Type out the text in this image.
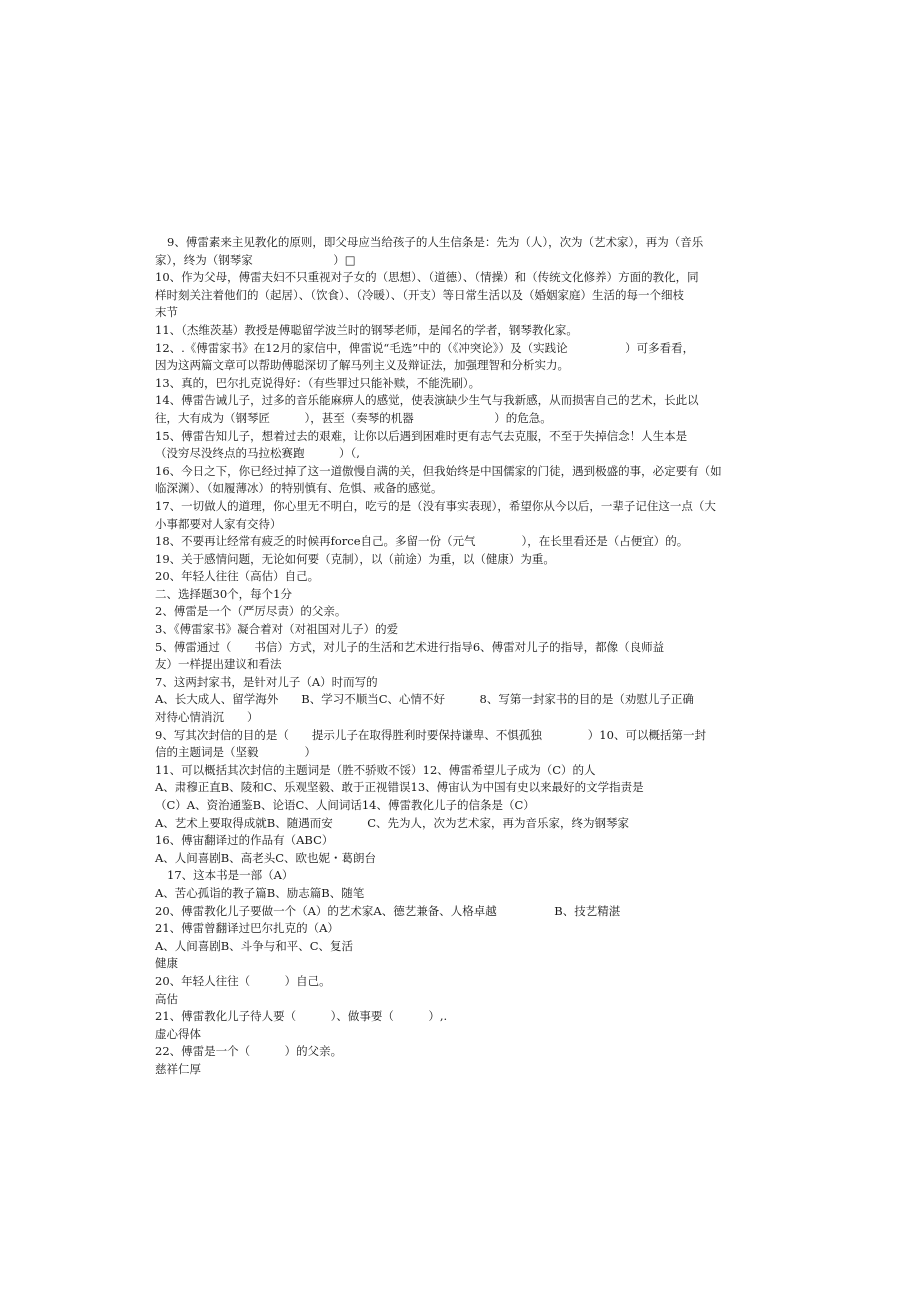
9、傅雷素来主见教化的原则，即父母应当给孩子的人生信条是：先为（人），次为（艺术家），再为（音乐

家），终为（钢琴家　　　　　　　）□

10、作为父母，傅雷夫妇不只重视对子女的（思想）、（道德）、（情操）和（传统文化修养）方面的教化，同

样时刻关注着他们的（起居）、（饮食）、（冷暖）、（开支）等日常生活以及（婚姻家庭）生活的每一个细枝

末节

11、（杰维茨基）教授是傅聪留学波兰时的钢琴老师，是闻名的学者，钢琴教化家。

12、.《傅雷家书》在12月的家信中，俾雷说“毛选”中的（《冲突论》）及（实践论　　　　　）可多看看，

因为这两篇文章可以帮助傅聪深切了解马列主义及辩证法，加强理智和分析实力。

13、真的，巴尔扎克说得好：（有些罪过只能补赎，不能洗刷）。

14、傅雷告诫儿子，过多的音乐能麻痹人的感觉，使表演缺少生气与我新感，从而损害自己的艺术，长此以

往，大有成为（钢琴匠　　　），甚至（奏琴的机器　　　　　　　）的危急。

15、傅雷告知儿子，想着过去的艰难，让你以后遇到困难时更有志气去克服，不至于失掉信念！人生本是

（没穷尽没终点的马拉松赛跑　　　）（,

16、今日之下，你已经过掉了这一道傲慢自满的关，但我始终是中国儒家的门徒，遇到极盛的事，必定要有（如

临深渊）、（如履薄冰）的特别慎有、危惧、戒备的感觉。

17、一切做人的道理，你心里无不明白，吃亏的是（没有事实表现），希望你从今以后，一辈子记住这一点（大

小事都要对人家有交待）

18、不要再让经常有疲乏的时候再force自己。多留一份（元气　　　　），在长里看还是（占便宜）的。

19、关于感情问题，无论如何要（克制），以（前途）为重，以（健康）为重。

20、年轻人往往（高估）自己。

二、选择题30个，每个1分

2、傅雷是一个（严厉尽责）的父亲。

3、《傅雷家书》凝合着对（对祖国对儿子）的爱

5、傅雷通过（　　书信）方式，对儿子的生活和艺术进行指导6、傅雷对儿子的指导，都像（良师益

友）一样提出建议和看法

7、这两封家书，是针对儿子（A）时而写的

A、长大成人、留学海外　　B、学习不顺当C、心情不好　　　8、写第一封家书的目的是（劝慰儿子正确

对待心情消沉　　）

9、写其次封信的目的是（　　提示儿子在取得胜利时要保持谦卑、不惧孤独　　　　）10、可以概括第一封

信的主题词是（坚毅　　　　）

11、可以概括其次封信的主题词是（胜不骄败不馁）12、傅雷希望儿子成为（C）的人

A、肃穆正直B、陵和C、乐观坚毅、敢于正视错误13、傅宙认为中国有史以来最好的文学指责是

（C）A、资治通鉴B、论语C、人间词话14、傅雷教化儿子的信条是（C）

A、艺术上要取得成就B、随遇而安　　　C、先为人，次为艺术家，再为音乐家，终为钢琴家

16、傅宙翻译过的作品有（ABC）

A、人间喜剧B、高老头C、欧也妮・葛朗台

17、这本书是一部（A）

A、苦心孤诣的教子篇B、励志篇B、随笔

20、傅雷教化儿子要做一个（A）的艺术家A、德艺兼备、人格卓越　　　　　B、技艺精湛

21、傅雷曾翻译过巴尔扎克的（A）

A、人间喜剧B、斗争与和平、C、复活

健康

20、年轻人往往（　　　）自己。

高估

21、傅雷教化儿子待人要（　　　）、做事要（　　　）,.

虚心得体

22、傅雷是一个（　　　）的父亲。

慈祥仁厚
